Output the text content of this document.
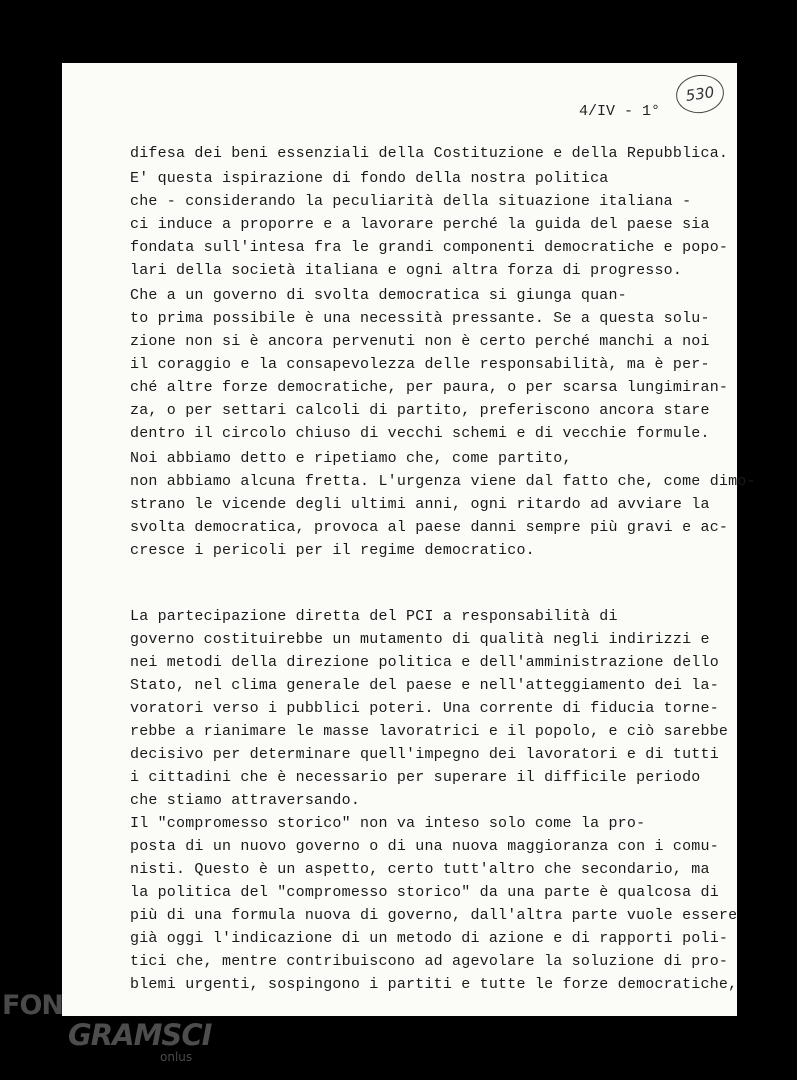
4/IV - 1°
530
difesa dei beni essenziali della Costituzione e della Repubblica.
E' questa ispirazione di fondo della nostra politica
che - considerando la peculiarità della situazione italiana -
ci induce a proporre e a lavorare perché la guida del paese sia
fondata sull'intesa fra le grandi componenti democratiche e popo-
lari della società italiana e ogni altra forza di progresso.
Che a un governo di svolta democratica si giunga quan-
to prima possibile è una necessità pressante. Se a questa solu-
zione non si è ancora pervenuti non è certo perché manchi a noi
il coraggio e la consapevolezza delle responsabilità, ma è per-
ché altre forze democratiche, per paura, o per scarsa lungimiran-
za, o per settari calcoli di partito, preferiscono ancora stare
dentro il circolo chiuso di vecchi schemi e di vecchie formule.
Noi abbiamo detto e ripetiamo che, come partito,
non abbiamo alcuna fretta. L'urgenza viene dal fatto che, come dimo-
strano le vicende degli ultimi anni, ogni ritardo ad avviare la
svolta democratica, provoca al paese danni sempre più gravi e ac-
cresce i pericoli per il regime democratico.
La partecipazione diretta del PCI a responsabilità di
governo costituirebbe un mutamento di qualità negli indirizzi e
nei metodi della direzione politica e dell'amministrazione dello
Stato, nel clima generale del paese e nell'atteggiamento dei la-
voratori verso i pubblici poteri. Una corrente di fiducia torne-
rebbe a rianimare le masse lavoratrici e il popolo, e ciò sarebbe
decisivo per determinare quell'impegno dei lavoratori e di tutti
i cittadini che è necessario per superare il difficile periodo
che stiamo attraversando.
Il "compromesso storico" non va inteso solo come la pro-
posta di un nuovo governo o di una nuova maggioranza con i comu-
nisti. Questo è un aspetto, certo tutt'altro che secondario, ma
la politica del "compromesso storico" da una parte è qualcosa di
più di una formula nuova di governo, dall'altra parte vuole essere
già oggi l'indicazione di un metodo di azione e di rapporti poli-
tici che, mentre contribuiscono ad agevolare la soluzione di pro-
blemi urgenti, sospingono i partiti e tutte le forze democratiche,
FON
GRAMSCI
onlus
